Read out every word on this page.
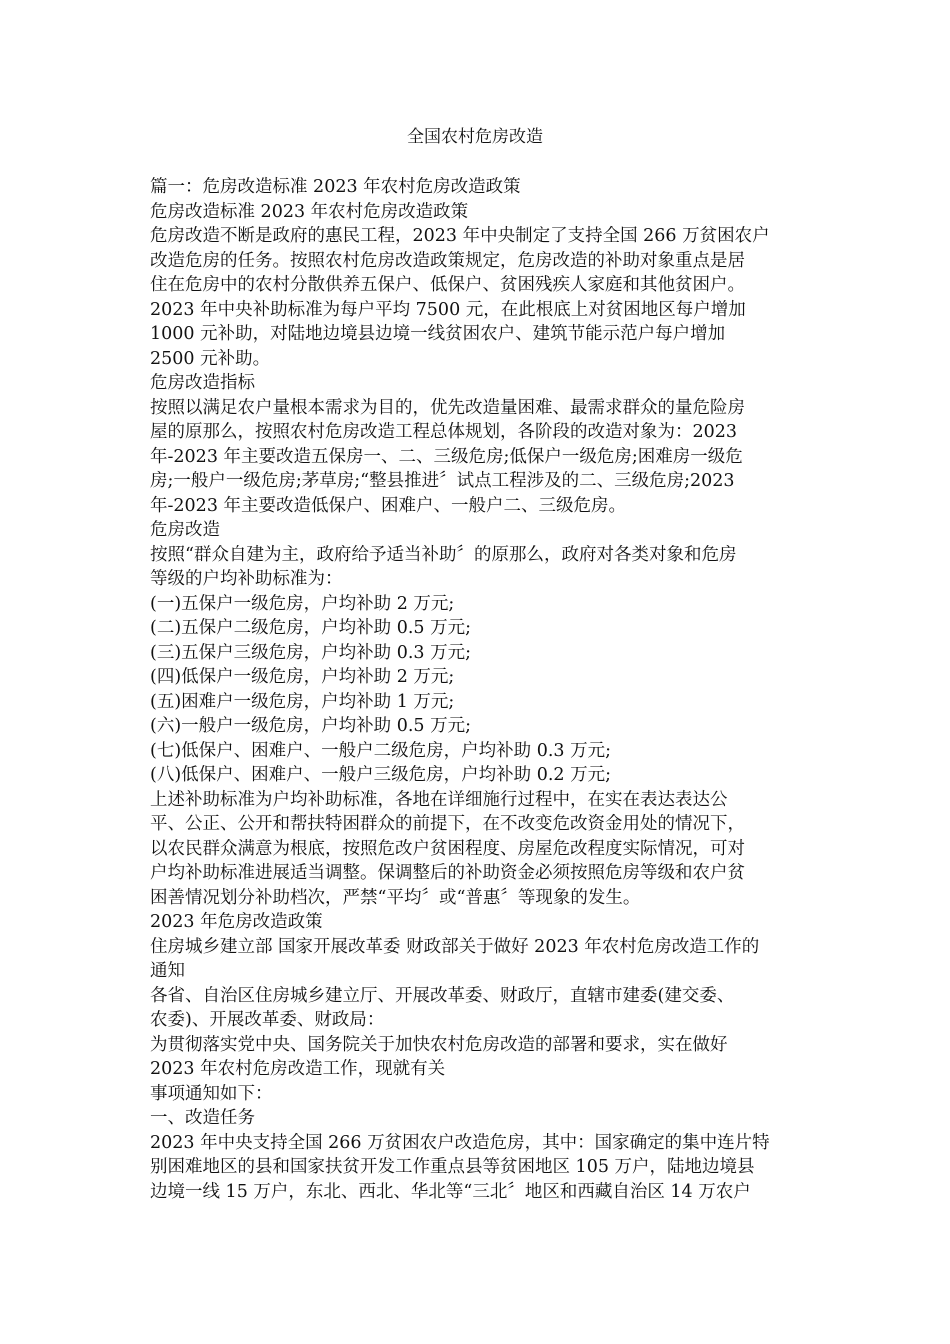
全国农村危房改造
篇一：危房改造标准 2023 年农村危房改造政策
危房改造标准 2023 年农村危房改造政策
危房改造不断是政府的惠民工程，2023 年中央制定了支持全国 266 万贫困农户
改造危房的任务。按照农村危房改造政策规定，危房改造的补助对象重点是居
住在危房中的农村分散供养五保户、低保户、贫困残疾人家庭和其他贫困户。
2023 年中央补助标准为每户平均 7500 元，在此根底上对贫困地区每户增加
1000 元补助，对陆地边境县边境一线贫困农户、建筑节能示范户每户增加
2500 元补助。
危房改造指标
按照以满足农户量根本需求为目的，优先改造量困难、最需求群众的量危险房
屋的原那么，按照农村危房改造工程总体规划，各阶段的改造对象为：2023
年-2023 年主要改造五保房一、二、三级危房;低保户一级危房;困难房一级危
房;一般户一级危房;茅草房;“整县推进〞试点工程涉及的二、三级危房;2023
年-2023 年主要改造低保户、困难户、一般户二、三级危房。
危房改造
按照“群众自建为主，政府给予适当补助〞的原那么，政府对各类对象和危房
等级的户均补助标准为：
(一)五保户一级危房，户均补助 2 万元;
(二)五保户二级危房，户均补助 0.5 万元;
(三)五保户三级危房，户均补助 0.3 万元;
(四)低保户一级危房，户均补助 2 万元;
(五)困难户一级危房，户均补助 1 万元;
(六)一般户一级危房，户均补助 0.5 万元;
(七)低保户、困难户、一般户二级危房，户均补助 0.3 万元;
(八)低保户、困难户、一般户三级危房，户均补助 0.2 万元;
上述补助标准为户均补助标准，各地在详细施行过程中，在实在表达表达公
平、公正、公开和帮扶特困群众的前提下，在不改变危改资金用处的情况下，
以农民群众满意为根底，按照危改户贫困程度、房屋危改程度实际情况，可对
户均补助标准进展适当调整。保调整后的补助资金必须按照危房等级和农户贫
困善情况划分补助档次，严禁“平均〞或“普惠〞等现象的发生。
2023 年危房改造政策
住房城乡建立部 国家开展改革委 财政部关于做好 2023 年农村危房改造工作的
通知
各省、自治区住房城乡建立厅、开展改革委、财政厅，直辖市建委(建交委、
农委)、开展改革委、财政局：
为贯彻落实党中央、国务院关于加快农村危房改造的部署和要求，实在做好
2023 年农村危房改造工作，现就有关
事项通知如下：
一、改造任务
2023 年中央支持全国 266 万贫困农户改造危房，其中：国家确定的集中连片特
别困难地区的县和国家扶贫开发工作重点县等贫困地区 105 万户，陆地边境县
边境一线 15 万户，东北、西北、华北等“三北〞地区和西藏自治区 14 万农户
